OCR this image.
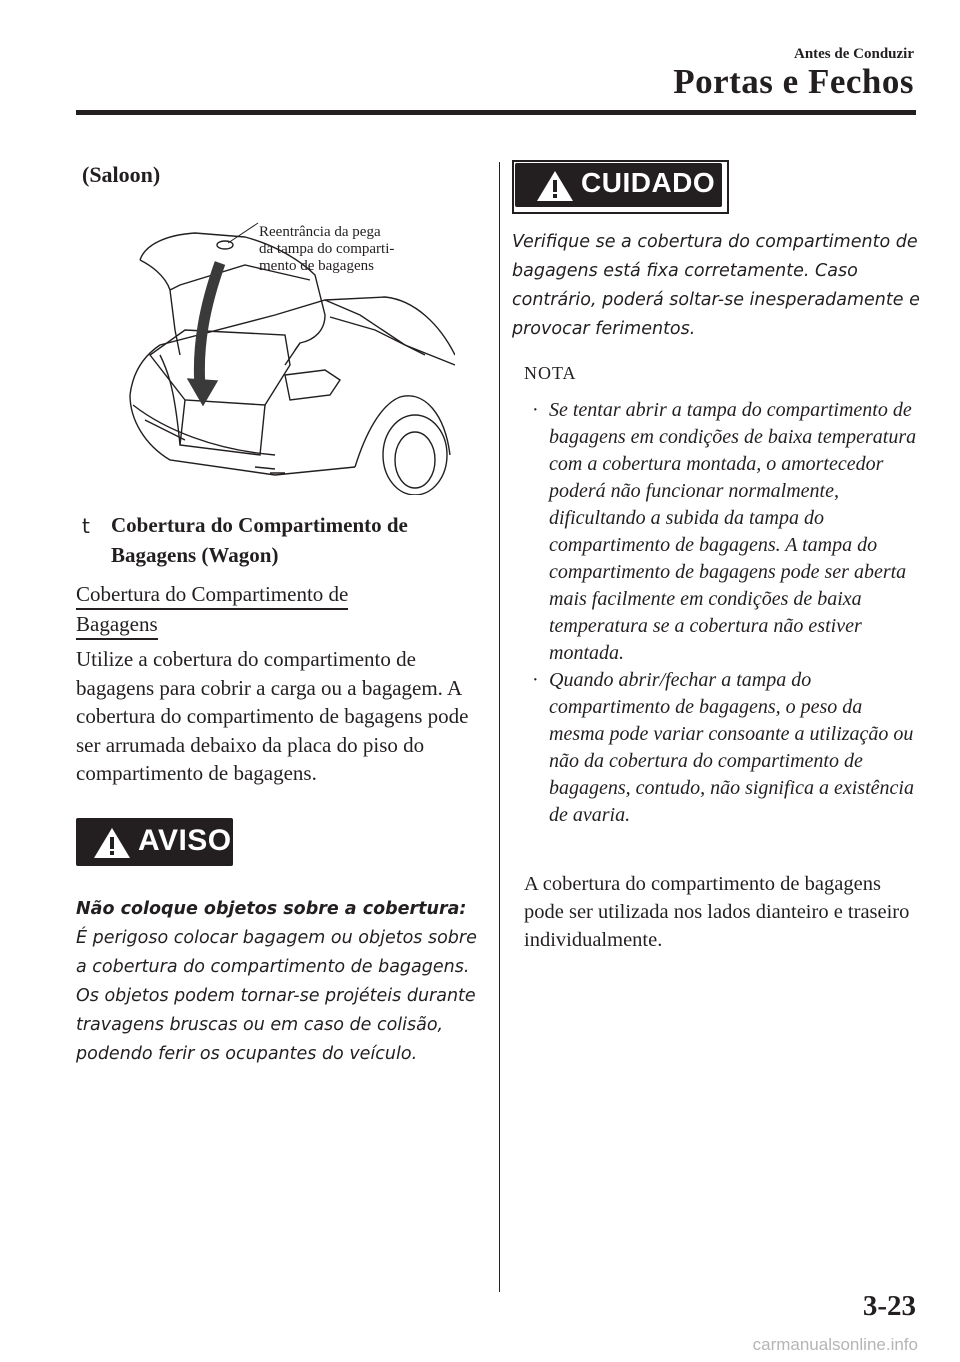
Antes de Conduzir
Portas e Fechos
(Saloon)
Reentrância da pega
da tampa do comparti-
mento de bagagens
t Cobertura do Compartimento de Bagagens (Wagon)
Cobertura do Compartimento de
Bagagens
Utilize a cobertura do compartimento de bagagens para cobrir a carga ou a bagagem. A cobertura do compartimento de bagagens pode ser arrumada debaixo da placa do piso do compartimento de bagagens.
AVISO
Não coloque objetos sobre a cobertura:
É perigoso colocar bagagem ou objetos sobre a cobertura do compartimento de bagagens. Os objetos podem tornar-se projéteis durante travagens bruscas ou em caso de colisão, podendo ferir os ocupantes do veículo.
CUIDADO
Verifique se a cobertura do compartimento de bagagens está fixa corretamente. Caso contrário, poderá soltar-se inesperadamente e provocar ferimentos.
NOTA
· Se tentar abrir a tampa do compartimento de bagagens em condições de baixa temperatura com a cobertura montada, o amortecedor poderá não funcionar normalmente, dificultando a subida da tampa do compartimento de bagagens. A tampa do compartimento de bagagens pode ser aberta mais facilmente em condições de baixa temperatura se a cobertura não estiver montada.
· Quando abrir/fechar a tampa do compartimento de bagagens, o peso da mesma pode variar consoante a utilização ou não da cobertura do compartimento de bagagens, contudo, não significa a existência de avaria.
A cobertura do compartimento de bagagens pode ser utilizada nos lados dianteiro e traseiro individualmente.
3-23
carmanualsonline.info
